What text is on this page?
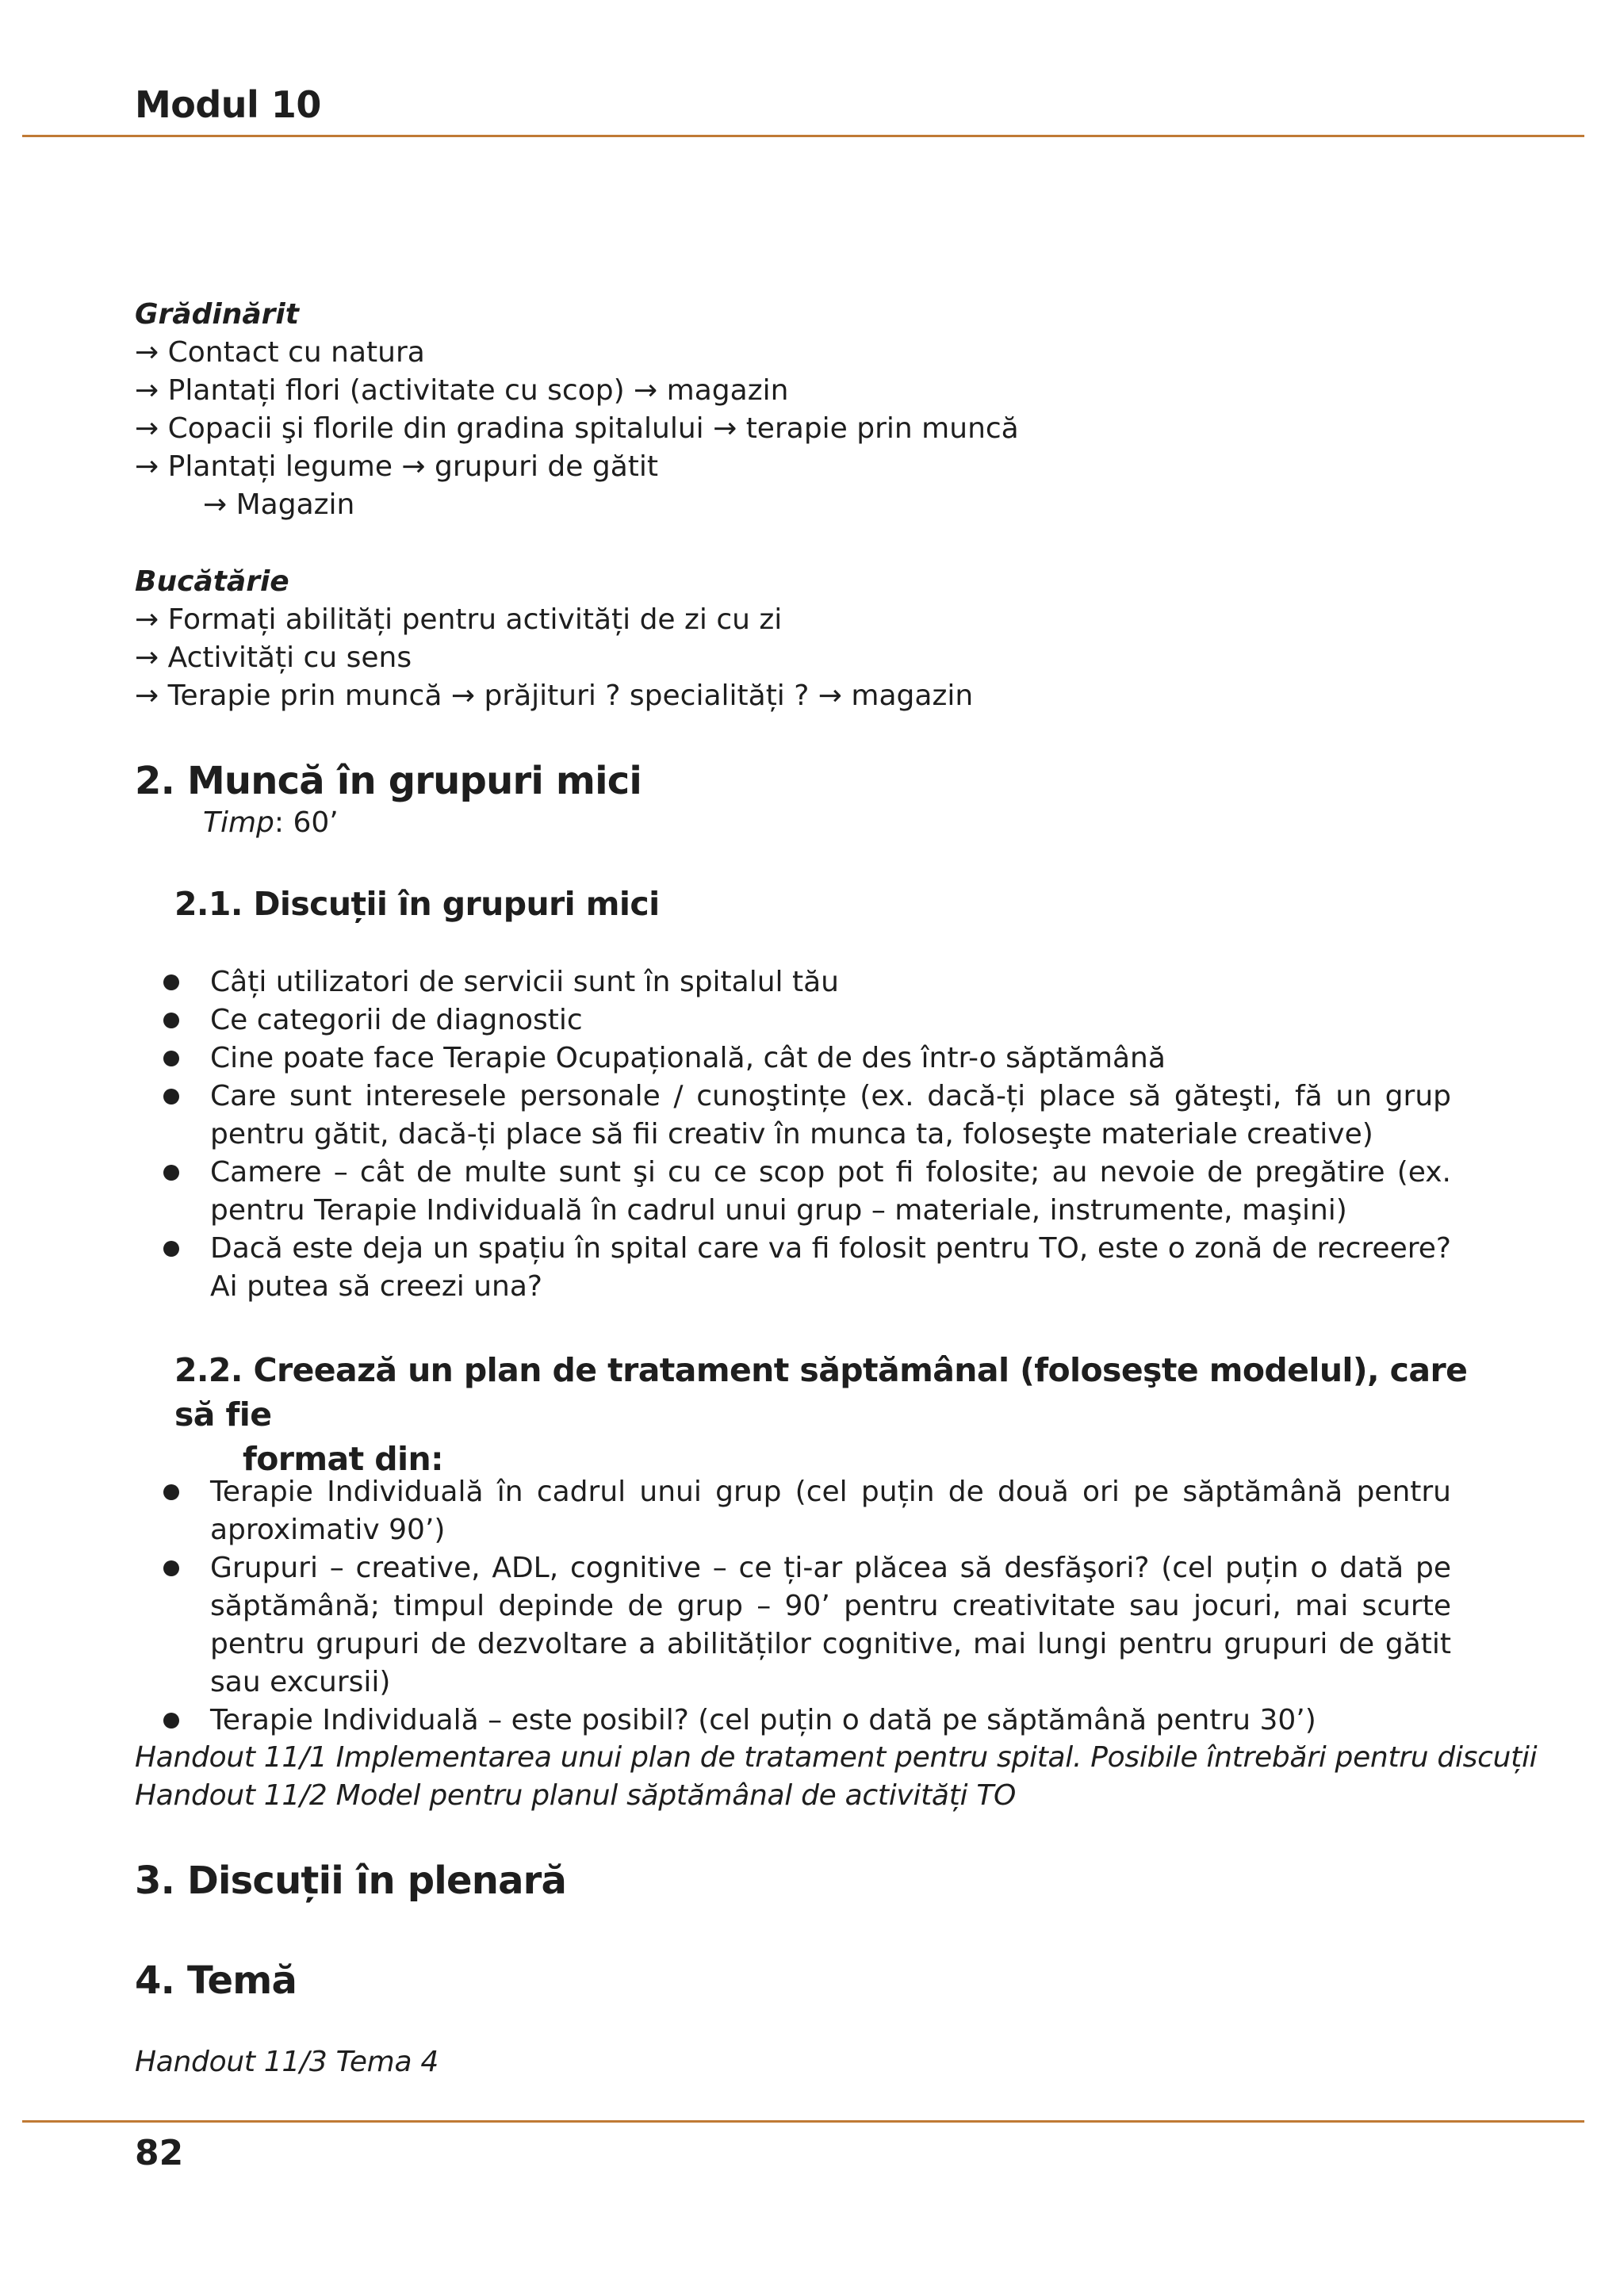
Modul 10
Grădinărit
→ Contact cu natura
→ Plantați flori (activitate cu scop) → magazin
→ Copacii şi florile din gradina spitalului → terapie prin muncă
→ Plantați legume → grupuri de gătit
→ Magazin
Bucătărie
→ Formați abilități pentru activități de zi cu zi
→ Activități cu sens
→ Terapie prin muncă → prăjituri ? specialități ? → magazin
2. Muncă în grupuri mici
Timp: 60’
2.1. Discuții în grupuri mici
Câți utilizatori de servicii sunt în spitalul tău
Ce categorii de diagnostic
Cine poate face Terapie Ocupațională, cât de des într-o săptămână
Care sunt interesele personale / cunoştințe (ex. dacă-ți place să găteşti, fă un grup pentru gătit, dacă-ți place să fii creativ în munca ta, foloseşte materiale creative)
Camere – cât de multe sunt şi cu ce scop pot fi folosite; au nevoie de pregătire (ex. pentru Terapie Individuală în cadrul unui grup – materiale, instrumente, maşini)
Dacă este deja un spațiu în spital care va fi folosit pentru TO, este o zonă de recreere? Ai putea să creezi una?
2.2. Creează un plan de tratament săptămânal (foloseşte modelul), care să fie
format din:
Terapie Individuală în cadrul unui grup (cel puțin de două ori pe săptămână pentru aproximativ 90’)
Grupuri – creative, ADL, cognitive – ce ți-ar plăcea să desfăşori? (cel puțin o dată pe săptămână; timpul depinde de grup – 90’ pentru creativitate sau jocuri, mai scurte pentru grupuri de dezvoltare a abilităților cognitive, mai lungi pentru grupuri de gătit sau excursii)
Terapie Individuală – este posibil? (cel puțin o dată pe săptămână pentru 30’)
Handout 11/1 Implementarea unui plan de tratament pentru spital. Posibile întrebări pentru discuții
Handout 11/2 Model pentru planul săptămânal de activități TO
3. Discuții în plenară
4. Temă
Handout 11/3 Tema 4
82
